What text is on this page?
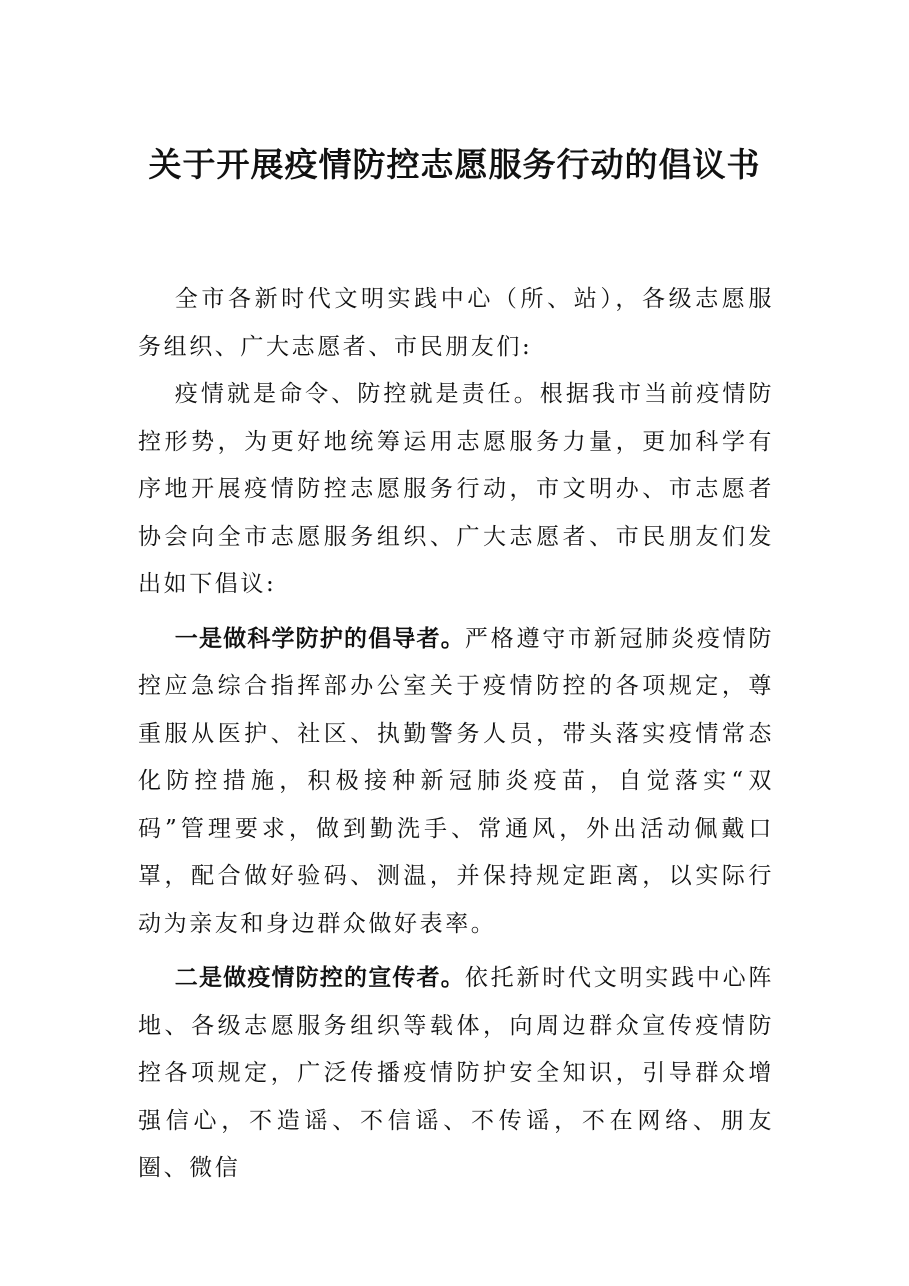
关于开展疫情防控志愿服务行动的倡议书

全市各新时代文明实践中心（所、站），各级志愿服务组织、广大志愿者、市民朋友们:

疫情就是命令、防控就是责任。根据我市当前疫情防控形势，为更好地统筹运用志愿服务力量，更加科学有序地开展疫情防控志愿服务行动，市文明办、市志愿者协会向全市志愿服务组织、广大志愿者、市民朋友们发出如下倡议:

一是做科学防护的倡导者。严格遵守市新冠肺炎疫情防控应急综合指挥部办公室关于疫情防控的各项规定，尊重服从医护、社区、执勤警务人员，带头落实疫情常态化防控措施，积极接种新冠肺炎疫苗，自觉落实“双码”管理要求，做到勤洗手、常通风，外出活动佩戴口罩，配合做好验码、测温，并保持规定距离，以实际行动为亲友和身边群众做好表率。

二是做疫情防控的宣传者。依托新时代文明实践中心阵地、各级志愿服务组织等载体，向周边群众宣传疫情防控各项规定，广泛传播疫情防护安全知识，引导群众增强信心，不造谣、不信谣、不传谣，不在网络、朋友圈、微信
